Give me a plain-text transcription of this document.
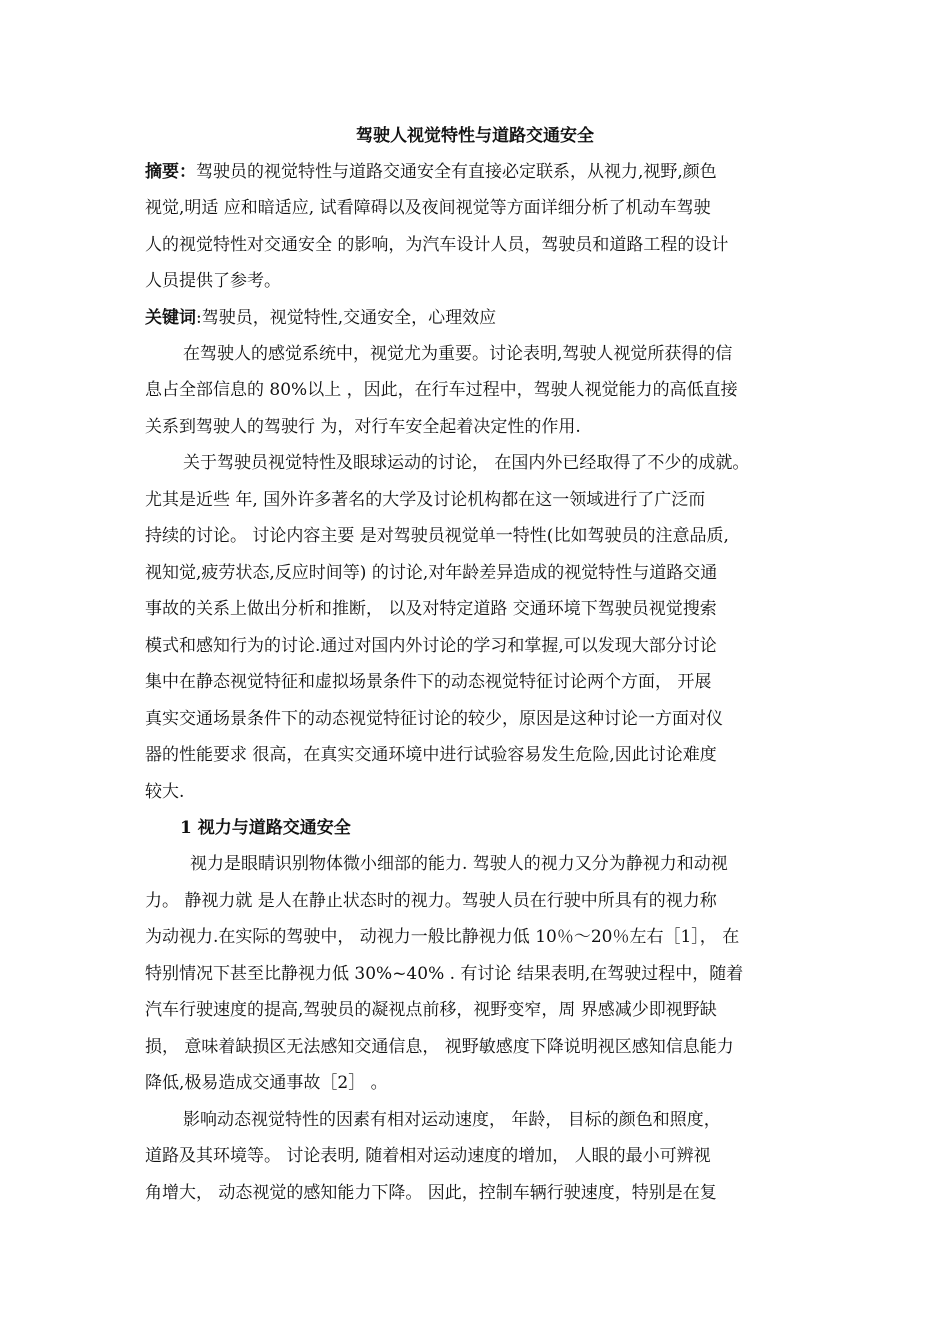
驾驶人视觉特性与道路交通安全
摘要：驾驶员的视觉特性与道路交通安全有直接必定联系，从视力,视野,颜色
视觉,明适 应和暗适应, 试看障碍以及夜间视觉等方面详细分析了机动车驾驶
人的视觉特性对交通安全 的影响，为汽车设计人员，驾驶员和道路工程的设计
人员提供了参考。
关键词:驾驶员，视觉特性,交通安全，心理效应
在驾驶人的感觉系统中，视觉尤为重要。讨论表明,驾驶人视觉所获得的信
息占全部信息的 80%以上 ，因此，在行车过程中，驾驶人视觉能力的高低直接
关系到驾驶人的驾驶行 为，对行车安全起着决定性的作用.
关于驾驶员视觉特性及眼球运动的讨论， 在国内外已经取得了不少的成就。
尤其是近些 年, 国外许多著名的大学及讨论机构都在这一领域进行了广泛而
持续的讨论。 讨论内容主要 是对驾驶员视觉单一特性(比如驾驶员的注意品质,
视知觉,疲劳状态,反应时间等) 的讨论,对年龄差异造成的视觉特性与道路交通
事故的关系上做出分析和推断， 以及对特定道路 交通环境下驾驶员视觉搜索
模式和感知行为的讨论.通过对国内外讨论的学习和掌握,可以发现大部分讨论
集中在静态视觉特征和虚拟场景条件下的动态视觉特征讨论两个方面， 开展
真实交通场景条件下的动态视觉特征讨论的较少，原因是这种讨论一方面对仪
器的性能要求 很高，在真实交通环境中进行试验容易发生危险,因此讨论难度
较大.
1 视力与道路交通安全
视力是眼睛识别物体微小细部的能力. 驾驶人的视力又分为静视力和动视
力。 静视力就 是人在静止状态时的视力。驾驶人员在行驶中所具有的视力称
为动视力.在实际的驾驶中， 动视力一般比静视力低 10％～20％左右［1］， 在
特别情况下甚至比静视力低 30%~40% . 有讨论 结果表明,在驾驶过程中，随着
汽车行驶速度的提高,驾驶员的凝视点前移，视野变窄，周 界感减少即视野缺
损， 意味着缺损区无法感知交通信息， 视野敏感度下降说明视区感知信息能力
降低,极易造成交通事故［2］ 。
影响动态视觉特性的因素有相对运动速度， 年龄， 目标的颜色和照度，
道路及其环境等。 讨论表明, 随着相对运动速度的增加， 人眼的最小可辨视
角增大， 动态视觉的感知能力下降。 因此，控制车辆行驶速度，特别是在复
